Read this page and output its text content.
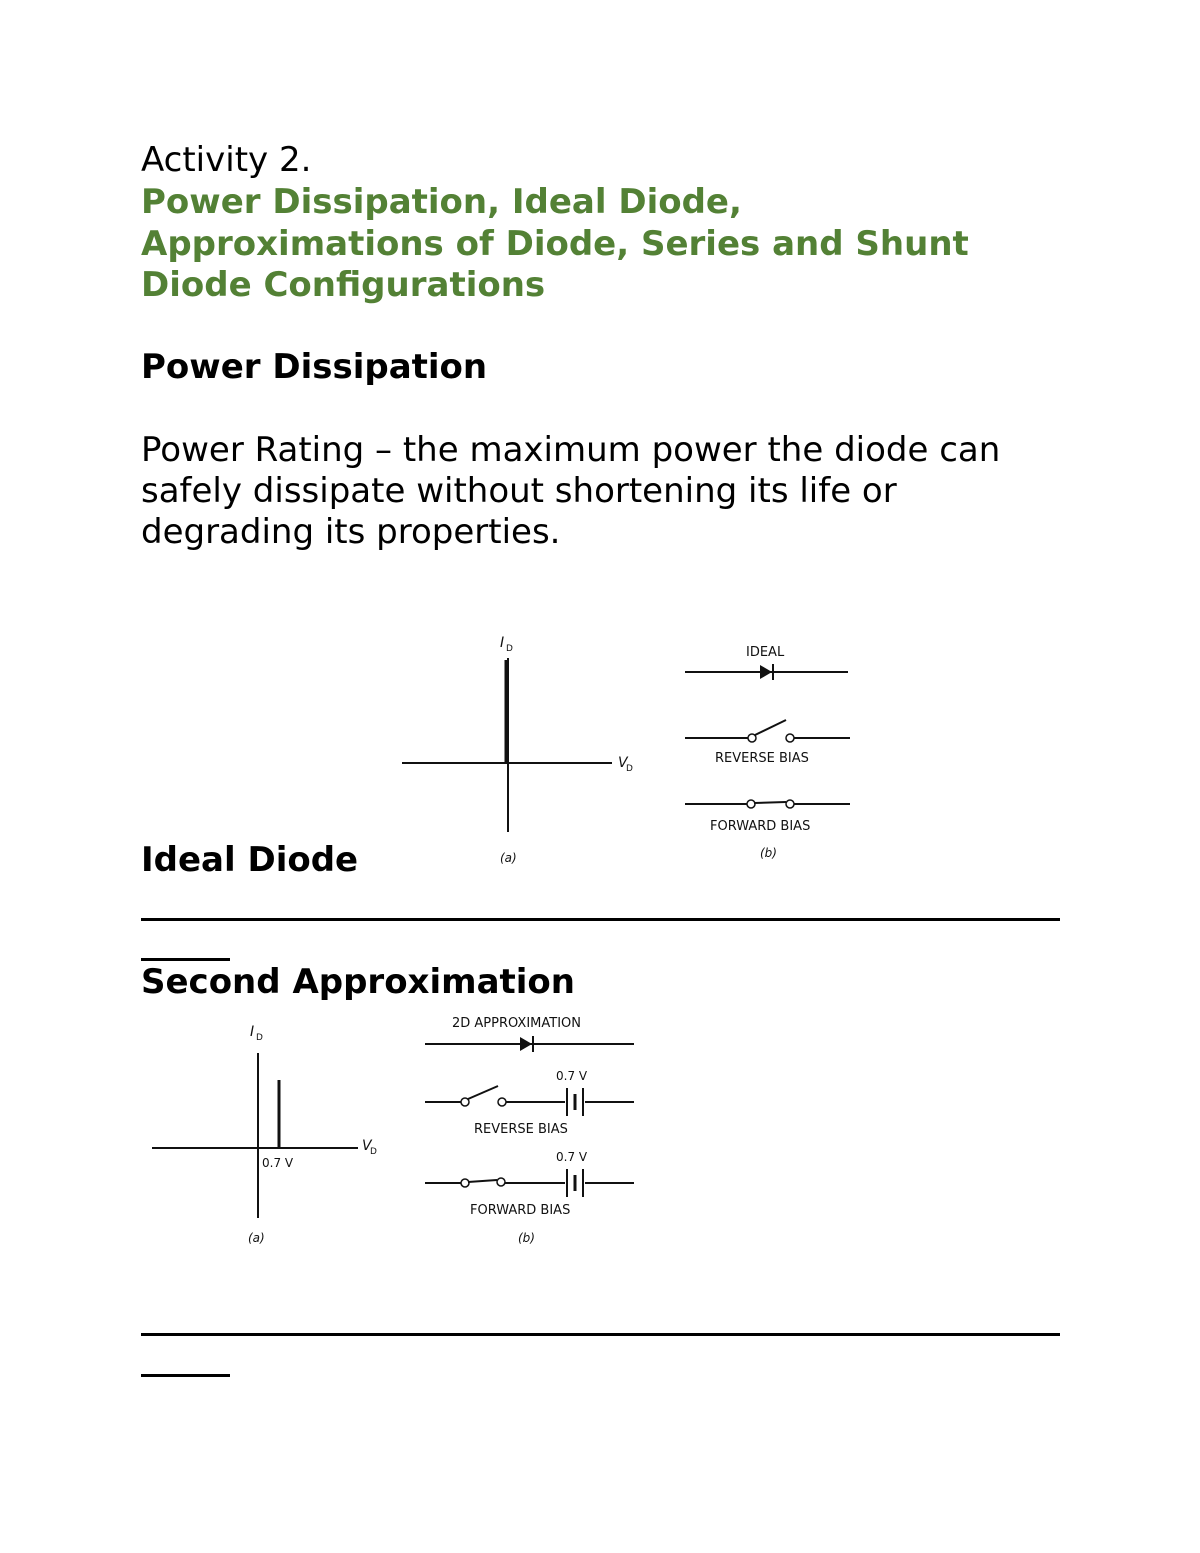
Activity 2.
Power Dissipation, Ideal Diode,
Approximations of Diode, Series and Shunt
Diode Configurations
Power Dissipation
Power Rating – the maximum power the diode can
safely dissipate without shortening its life or
degrading its properties.
I D
V
D
(a)
IDEAL
REVERSE BIAS
FORWARD BIAS
(b)
Ideal Diode
Second Approximation
I D
V
D
0.7 V
(a)
2D APPROXIMATION
0.7 V
REVERSE BIAS
0.7 V
FORWARD BIAS
(b)
